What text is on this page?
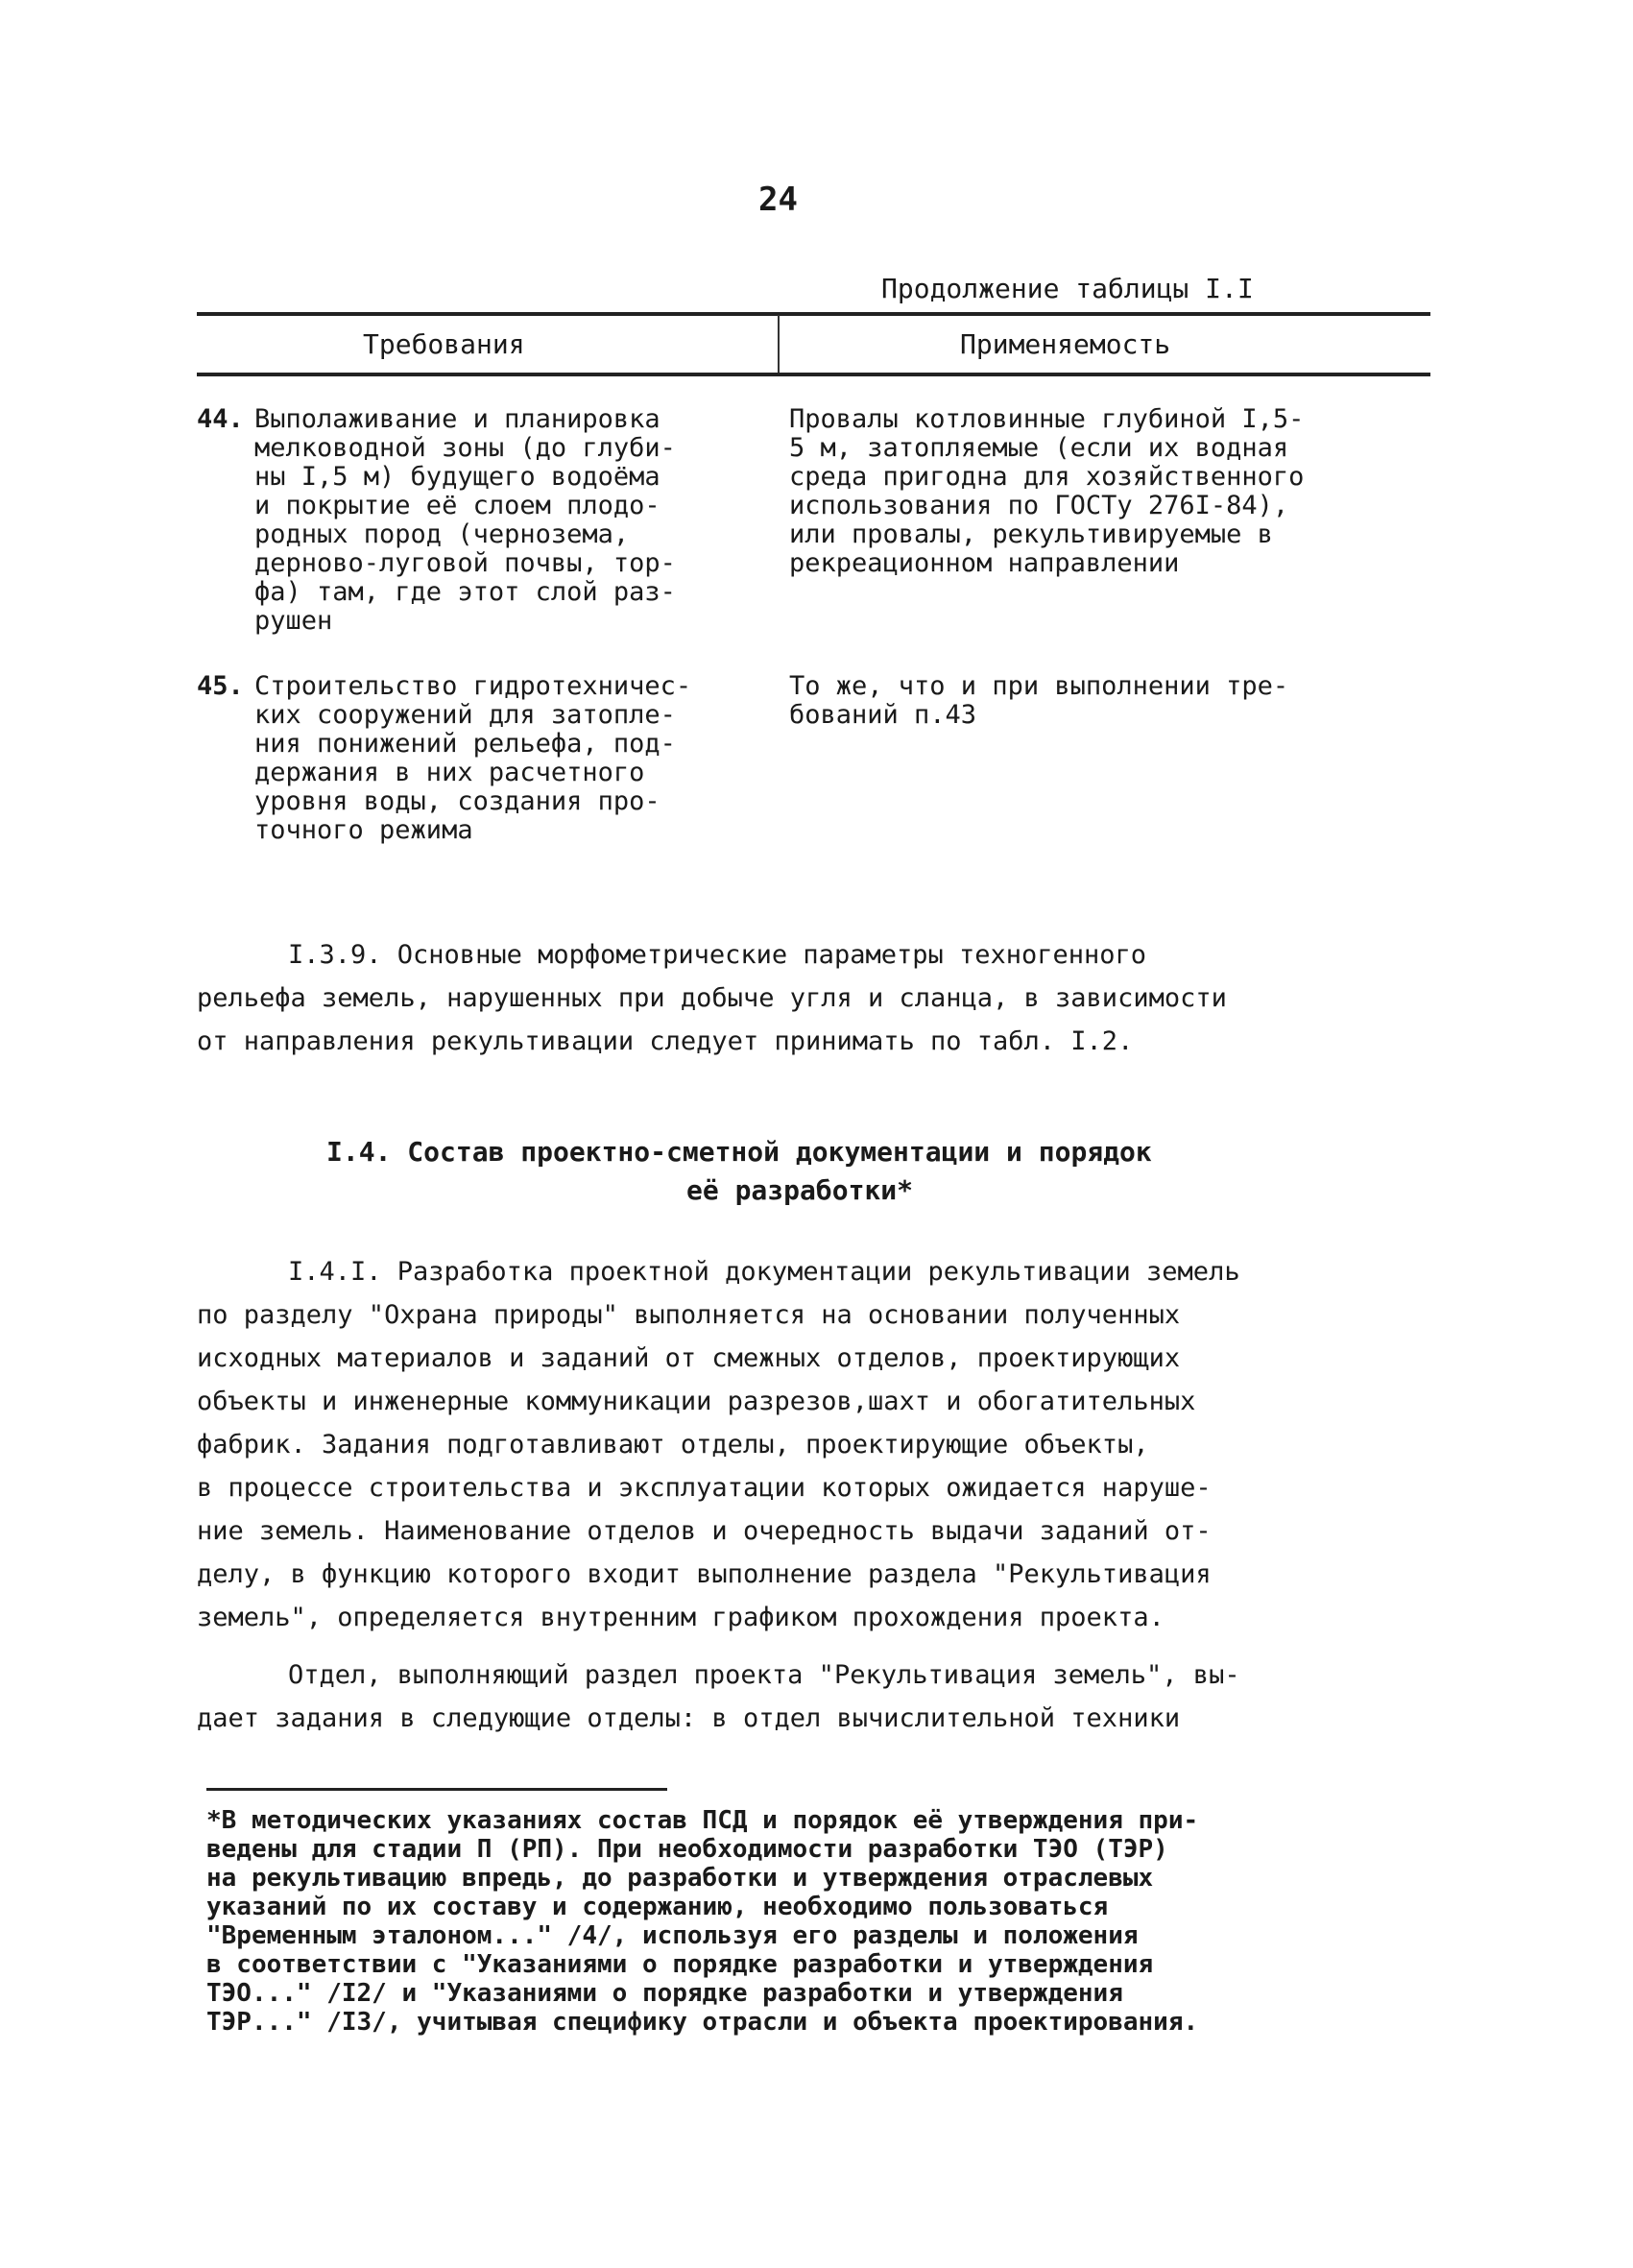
24
Продолжение таблицы I.I
Требования	Применяемость
44. Выполаживание и планировка
мелководной зоны (до глуби-
ны I,5 м) будущего водоёма
и покрытие её слоем плодо-
родных пород (чернозема,
дерново-луговой почвы, тор-
фа) там, где этот слой раз-
рушен
Провалы котловинные глубиной I,5-
5 м, затопляемые (если их водная
среда пригодна для хозяйственного
использования по ГОСТу 276I-84),
или провалы, рекультивируемые в
рекреационном направлении
45. Строительство гидротехничес-
ких сооружений для затопле-
ния понижений рельефа, под-
держания в них расчетного
уровня воды, создания про-
точного режима
То же, что и при выполнении тре-
бований п.43
I.3.9. Основные морфометрические параметры техногенного
рельефа земель, нарушенных при добыче угля и сланца, в зависимости
от направления рекультивации следует принимать по табл. I.2.
I.4. Состав проектно-сметной документации и порядок
её разработки*
I.4.I. Разработка проектной документации рекультивации земель
по разделу "Охрана природы" выполняется на основании полученных
исходных материалов и заданий от смежных отделов, проектирующих
объекты и инженерные коммуникации разрезов,шахт и обогатительных
фабрик. Задания подготавливают отделы, проектирующие объекты,
в процессе строительства и эксплуатации которых ожидается наруше-
ние земель. Наименование отделов и очередность выдачи заданий от-
делу, в функцию которого входит выполнение раздела "Рекультивация
земель", определяется внутренним графиком прохождения проекта.
Отдел, выполняющий раздел проекта "Рекультивация земель", вы-
дает задания в следующие отделы: в отдел вычислительной техники
*В методических указаниях состав ПСД и порядок её утверждения при-
ведены для стадии П (РП). При необходимости разработки ТЭО (ТЭР)
на рекультивацию впредь, до разработки и утверждения отраслевых
указаний по их составу и содержанию, необходимо пользоваться
"Временным эталоном..." /4/, используя его разделы и положения
в соответствии с "Указаниями о порядке разработки и утверждения
ТЭО..." /I2/ и "Указаниями о порядке разработки и утверждения
ТЭР..." /I3/, учитывая специфику отрасли и объекта проектирования.
